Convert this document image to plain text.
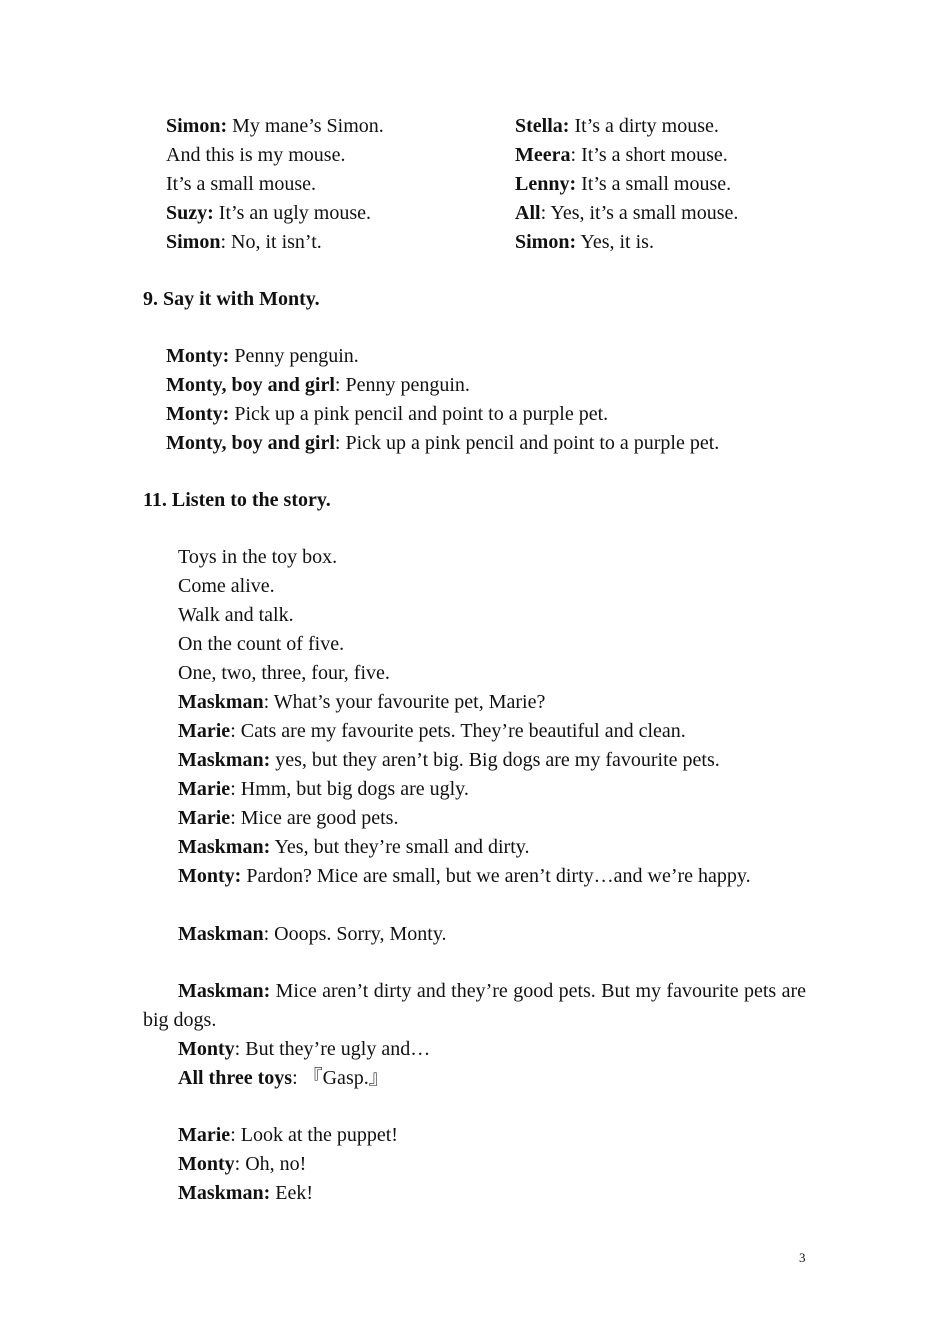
Simon: My mane’s Simon.
And this is my mouse.
It’s a small mouse.
Suzy: It’s an ugly mouse.
Simon: No, it isn’t.
Stella: It’s a dirty mouse.
Meera: It’s a short mouse.
Lenny: It’s a small mouse.
All: Yes, it’s a small mouse.
Simon: Yes, it is.
9. Say it with Monty.
Monty: Penny penguin.
Monty, boy and girl: Penny penguin.
Monty: Pick up a pink pencil and point to a purple pet.
Monty, boy and girl: Pick up a pink pencil and point to a purple pet.
11. Listen to the story.
Toys in the toy box.
Come alive.
Walk and talk.
On the count of five.
One, two, three, four, five.
Maskman: What’s your favourite pet, Marie?
Marie: Cats are my favourite pets. They’re beautiful and clean.
Maskman: yes, but they aren’t big. Big dogs are my favourite pets.
Marie: Hmm, but big dogs are ugly.
Marie: Mice are good pets.
Maskman: Yes, but they’re small and dirty.
Monty: Pardon? Mice are small, but we aren’t dirty…and we’re happy.
Maskman: Ooops. Sorry, Monty.
Maskman: Mice aren’t dirty and they’re good pets. But my favourite pets are big dogs.
Monty: But they’re ugly and…
All three toys: 『Gasp.』
Marie: Look at the puppet!
Monty: Oh, no!
Maskman: Eek!
3
